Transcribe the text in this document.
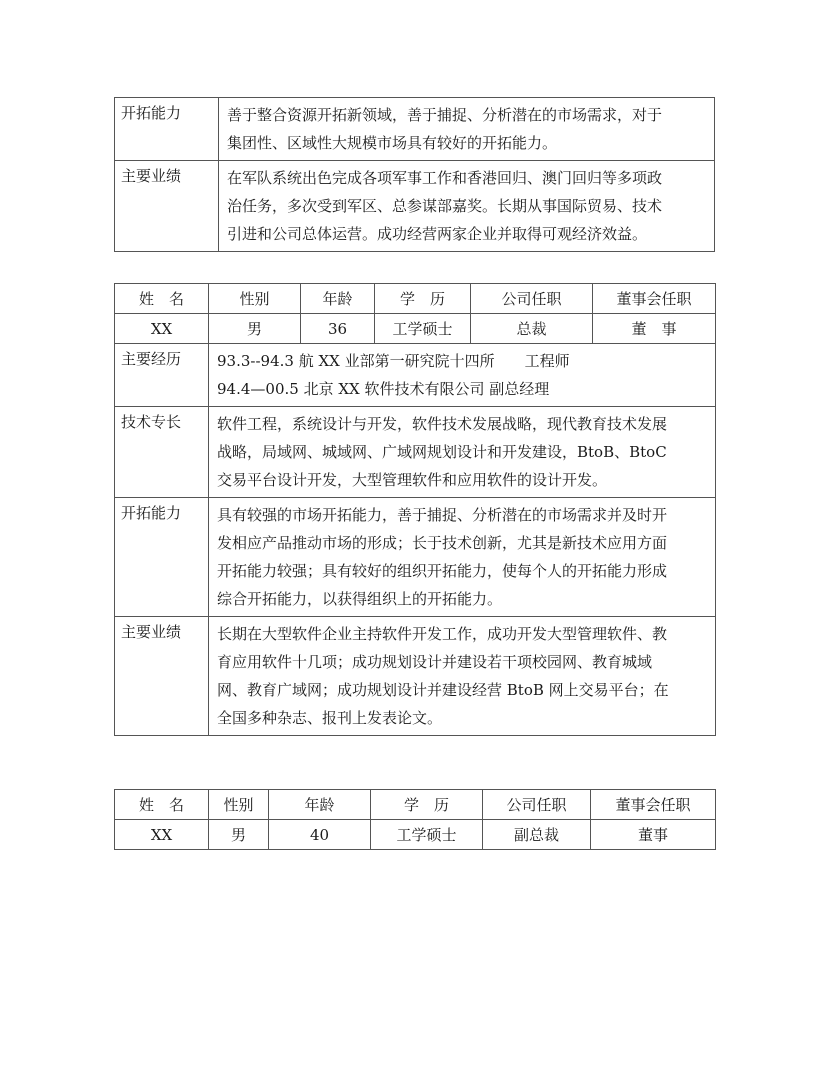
开拓能力	善于整合资源开拓新领域，善于捕捉、分析潜在的市场需求，对于
集团性、区域性大规模市场具有较好的开拓能力。

主要业绩	在军队系统出色完成各项军事工作和香港回归、澳门回归等多项政
治任务，多次受到军区、总参谋部嘉奖。长期从事国际贸易、技术
引进和公司总体运营。成功经营两家企业并取得可观经济效益。
姓　名	性别	年龄	学　历	公司任职	董事会任职
XX	男	36	工学硕士	总裁	董　事
主要经历	93.3--94.3 航 XX 业部第一研究院十四所　　工程师
94.4—00.5 北京 XX 软件技术有限公司 副总经理				

技术专长	软件工程，系统设计与开发，软件技术发展战略，现代教育技术发展
战略，局域网、城域网、广域网规划设计和开发建设，BtoB、BtoC
交易平台设计开发，大型管理软件和应用软件的设计开发。				

开拓能力	具有较强的市场开拓能力，善于捕捉、分析潜在的市场需求并及时开
发相应产品推动市场的形成；长于技术创新，尤其是新技术应用方面
开拓能力较强；具有较好的组织开拓能力，使每个人的开拓能力形成
综合开拓能力，以获得组织上的开拓能力。				

主要业绩	长期在大型软件企业主持软件开发工作，成功开发大型管理软件、教
育应用软件十几项；成功规划设计并建设若干项校园网、教育城域
网、教育广域网；成功规划设计并建设经营 BtoB 网上交易平台；在
全国多种杂志、报刊上发表论文。				
姓　名	性别	年龄	学　历	公司任职	董事会任职
XX	男	40	工学硕士	副总裁	董事
